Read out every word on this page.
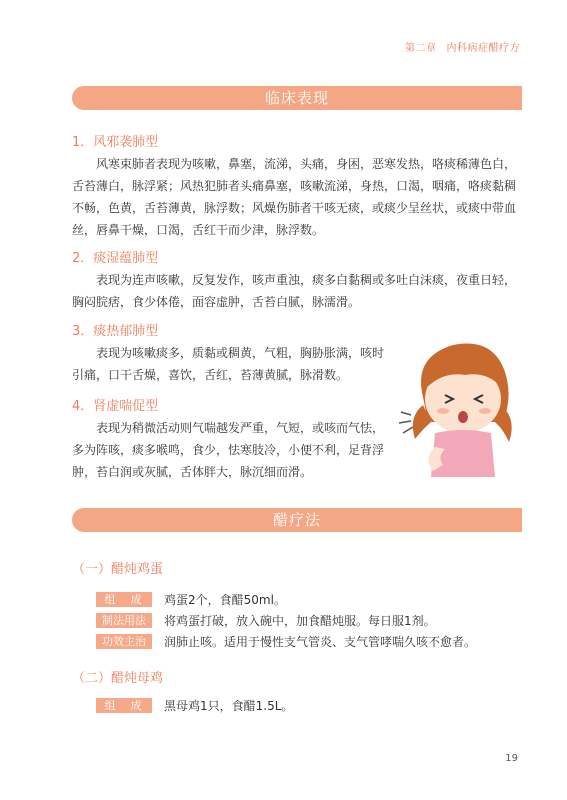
第二章 内科病症醋疗方
临床表现
1．风邪袭肺型

风寒束肺者表现为咳嗽，鼻塞，流涕，头痛，身困，恶寒发热，咯痰稀薄色白，舌苔薄白，脉浮紧；风热犯肺者头痛鼻塞，咳嗽流涕，身热，口渴，咽痛，咯痰黏稠不畅，色黄，舌苔薄黄，脉浮数；风燥伤肺者干咳无痰，或痰少呈丝状，或痰中带血丝，唇鼻干燥，口渴，舌红干而少津，脉浮数。

2．痰湿蕴肺型

表现为连声咳嗽，反复发作，咳声重浊，痰多白黏稠或多吐白沫痰，夜重日轻，胸闷脘痞，食少体倦，面容虚肿，舌苔白腻，脉濡滑。

3．痰热郁肺型

表现为咳嗽痰多，质黏或稠黄，气粗，胸胁胀满，咳时引痛，口干舌燥，喜饮，舌红，苔薄黄腻，脉滑数。

4．肾虚喘促型

表现为稍微活动则气喘越发严重，气短，或咳而气怯，多为阵咳，痰多喉鸣，食少，怯寒肢冷，小便不利，足背浮肿，苔白润或灰腻，舌体胖大，脉沉细而滑。

醋疗法
（一）醋炖鸡蛋
组　成	鸡蛋2个，食醋50ml。
制法用法	将鸡蛋打破，放入碗中，加食醋炖服。每日服1剂。
功效主治	润肺止咳。适用于慢性支气管炎、支气管哮喘久咳不愈者。
（二）醋炖母鸡
组　成	黑母鸡1只，食醋1.5L。
19
